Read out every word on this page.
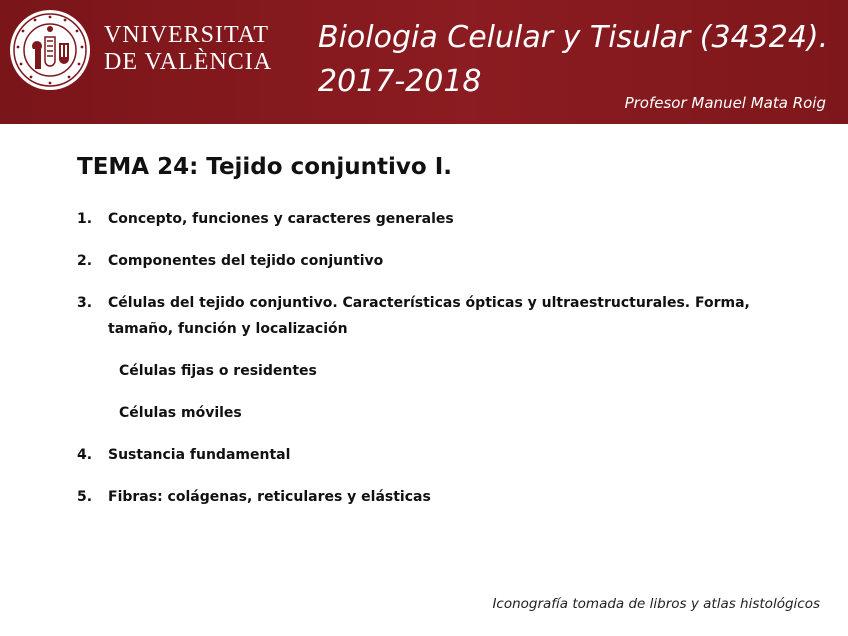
VNIVERSITAT
DE VALÈNCIA
Biologia Celular y Tisular (34324).
2017-2018
Profesor Manuel Mata Roig
TEMA 24: Tejido conjuntivo I.
1. Concepto, funciones y caracteres generales
2. Componentes del tejido conjuntivo
3. Células del tejido conjuntivo. Características ópticas y ultraestructurales. Forma, tamaño, función y localización
Células fijas o residentes
Células móviles
4. Sustancia fundamental
5. Fibras: colágenas, reticulares y elásticas
Iconografía tomada de libros y atlas histológicos
